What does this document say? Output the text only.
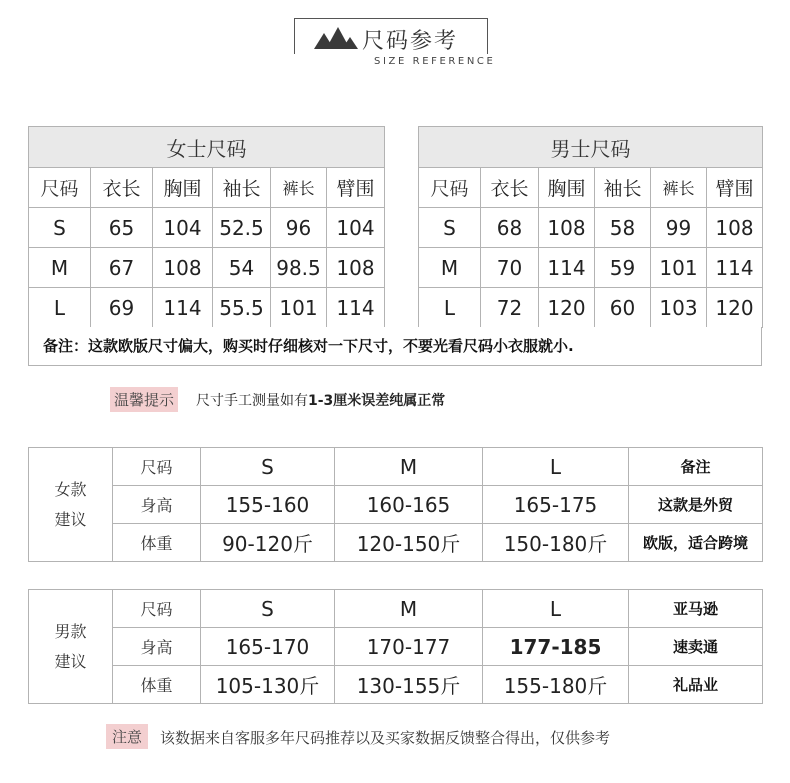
尺码参考
SIZE REFERENCE
女士尺码					
尺码	衣长	胸围	袖长	裤长	臂围
S	65	104	52.5	96	104
M	67	108	54	98.5	108
L	69	114	55.5	101	114
男士尺码					
尺码	衣长	胸围	袖长	裤长	臂围
S	68	108	58	99	108
M	70	114	59	101	114
L	72	120	60	103	120
备注：这款欧版尺寸偏大，购买时仔细核对一下尺寸，不要光看尺码小衣服就小.
温馨提示 尺寸手工测量如有1-3厘米误差纯属正常
女款建议	尺码	S	M	L	备注
	身高	155-160	160-165	165-175	这款是外贸
	体重	90-120斤	120-150斤	150-180斤	欧版，适合跨境
男款建议	尺码	S	M	L	亚马逊
	身高	165-170	170-177	177-185	速卖通
	体重	105-130斤	130-155斤	155-180斤	礼品业
注意	该数据来自客服多年尺码推荐以及买家数据反馈整合得出，仅供参考
